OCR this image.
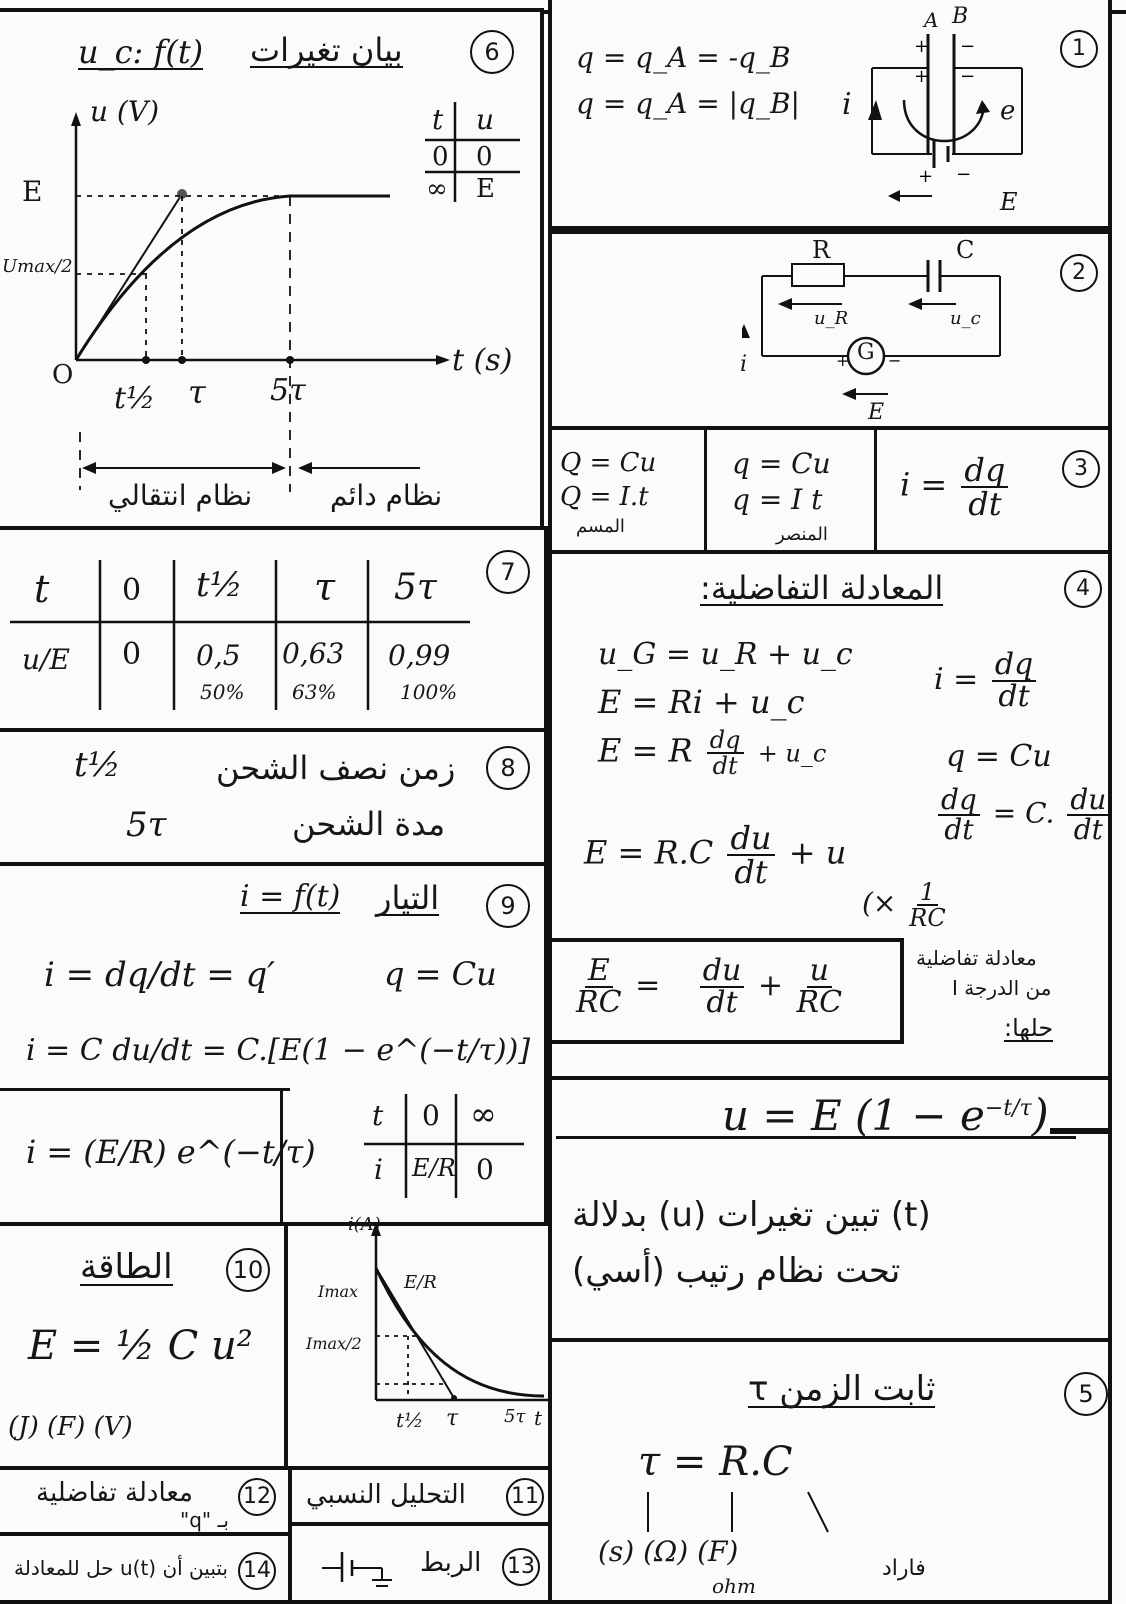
6
بيان تغيرات
u_c: f(t)
u (V)
t (s)
E
Umax/2
O
t½ τ 5τ
نظام انتقالي	نظام دائم
t u
0 0
∞ E
1
q = q_A = -q_B
q = q_A = |q_B|
+
+
−
−
+ −
A B
i	e
E
2
+ −
R	C
u_R	u_c
G
i
E
3
Q = Cu
Q = I.t
المسم
q = Cu
q = I t
المنصر
$i = \frac{dq}{dt}$
7
t 0 t½ τ 5τ
u/E 0 0,5 0,63 0,99
50% 63%	100%
4
المعادلة التفاضلية:
u_G = u_R + u_c
E = Ri + u_c
E = R $\frac{dq}{dt}$ + u_c
$E = R.C \frac{du}{dt} + u$
$i = \frac{dq}{dt}$
q = Cu
$\frac{dq}{dt} = C$. $\frac{du}{dt}$
(× $\frac{1}{RC}$
$\frac{E}{RC} = \frac{du}{dt} + \frac{u}{RC}$	معادلة تفاضلية
من الدرجة I
حلها:
u = E $(1 - e^{-t/\tau})$
(t) تبين تغيرات (u) بدلالة
تحت نظام رتيب (أسي)
5
ثابت الزمن τ
τ = R.C
(s) (Ω) (F)
ohm
فاراد
8
زمن نصف الشحن
t½
مدة الشحن
5τ
9
التيار
i = f(t)
i = dq/dt = q′	q = Cu
i = C du/dt = C.[E(1 − e^(−t/τ))]
i = (E/R) e^(−t/τ)
t 0 ∞
i E/R 0
i(A)
Imax	E/R
Imax/2
t½ τ	5τ t
10
الطاقة
E = ½ C u²
(J) (F) (V)
12
معادلة تفاضلية
بـ "q"
14
بتبين أن u(t) حل للمعادلة
11
التحليل النسبي
13
الربط
